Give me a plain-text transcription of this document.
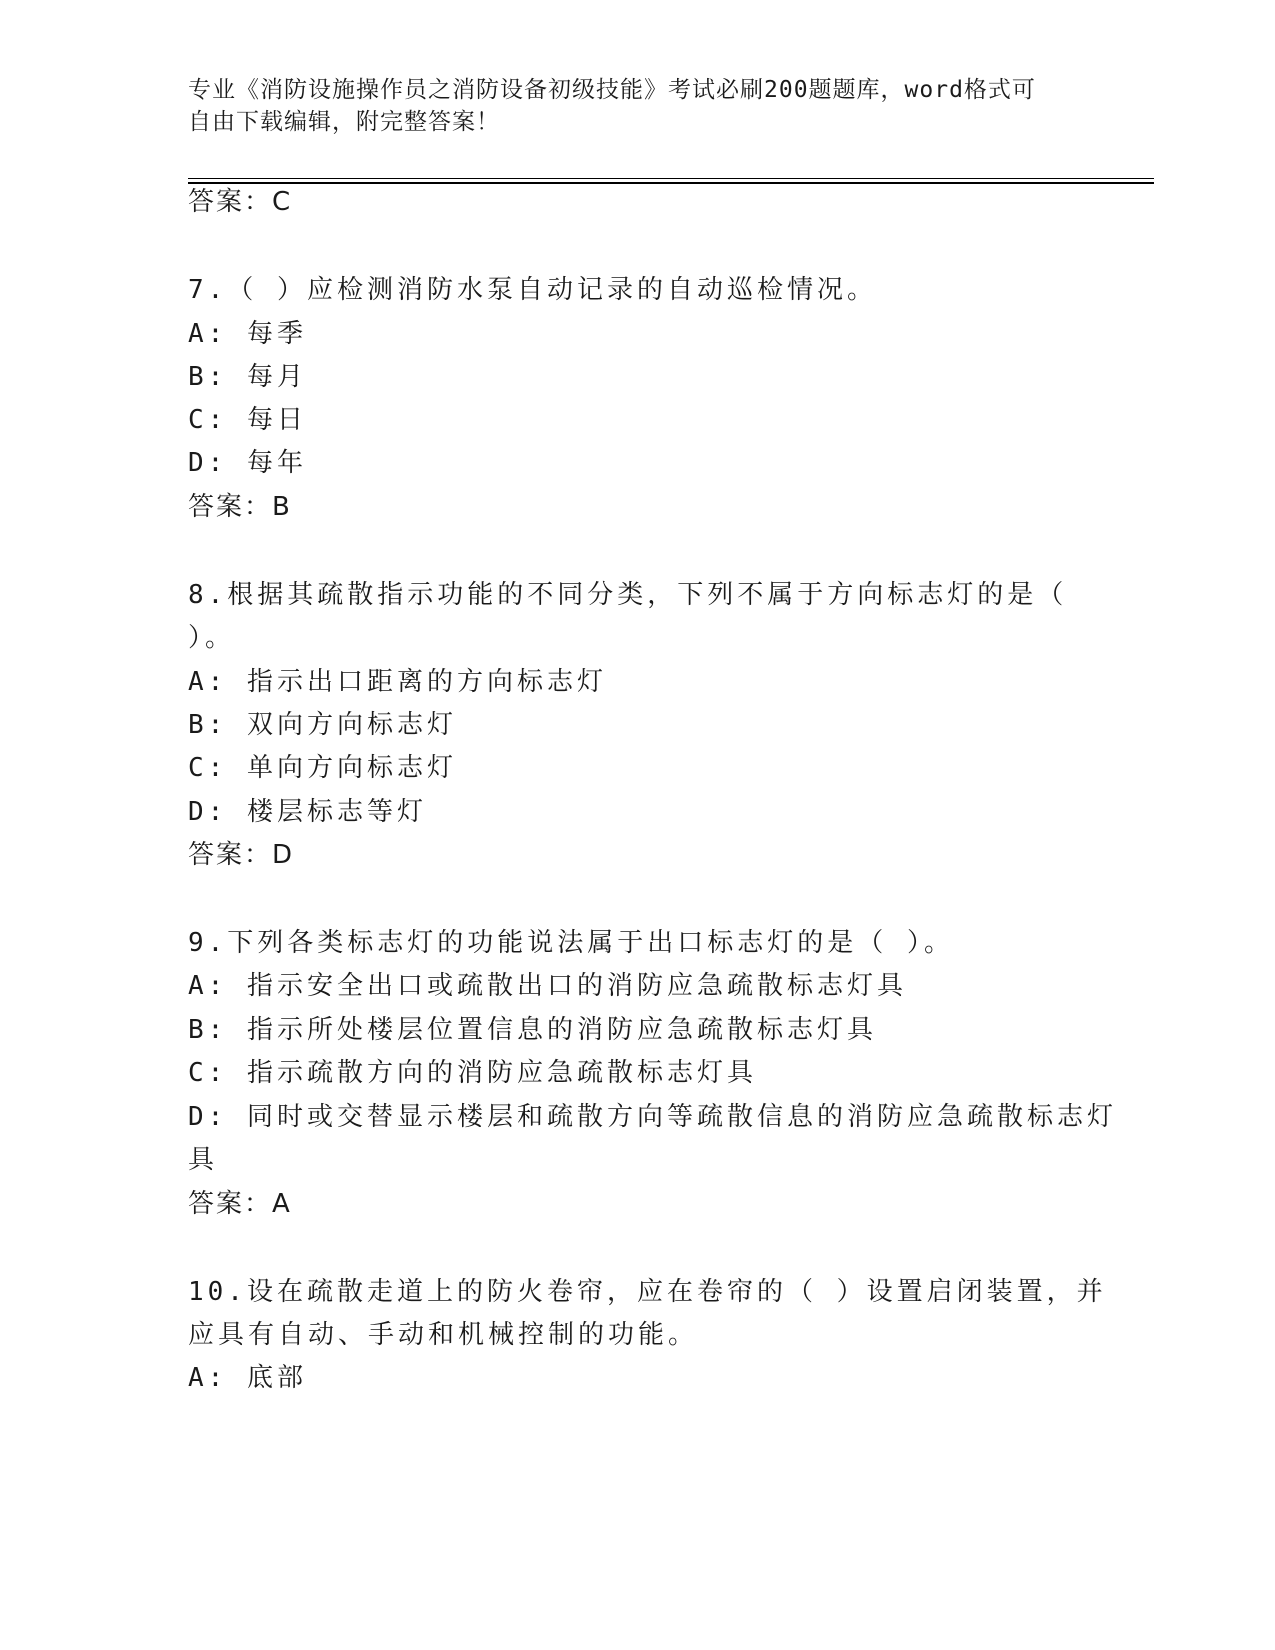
专业《消防设施操作员之消防设备初级技能》考试必刷200题题库，word格式可
自由下载编辑，附完整答案！
答案：C
7.（ ）应检测消防水泵自动记录的自动巡检情况。
A: 每季
B: 每月
C: 每日
D: 每年
答案：B
8.根据其疏散指示功能的不同分类，下列不属于方向标志灯的是（
）。
A: 指示出口距离的方向标志灯
B: 双向方向标志灯
C: 单向方向标志灯
D: 楼层标志等灯
答案：D
9.下列各类标志灯的功能说法属于出口标志灯的是（ ）。
A: 指示安全出口或疏散出口的消防应急疏散标志灯具
B: 指示所处楼层位置信息的消防应急疏散标志灯具
C: 指示疏散方向的消防应急疏散标志灯具
D: 同时或交替显示楼层和疏散方向等疏散信息的消防应急疏散标志灯
具
答案：A
10.设在疏散走道上的防火卷帘，应在卷帘的（ ）设置启闭装置，并
应具有自动、手动和机械控制的功能。
A: 底部
